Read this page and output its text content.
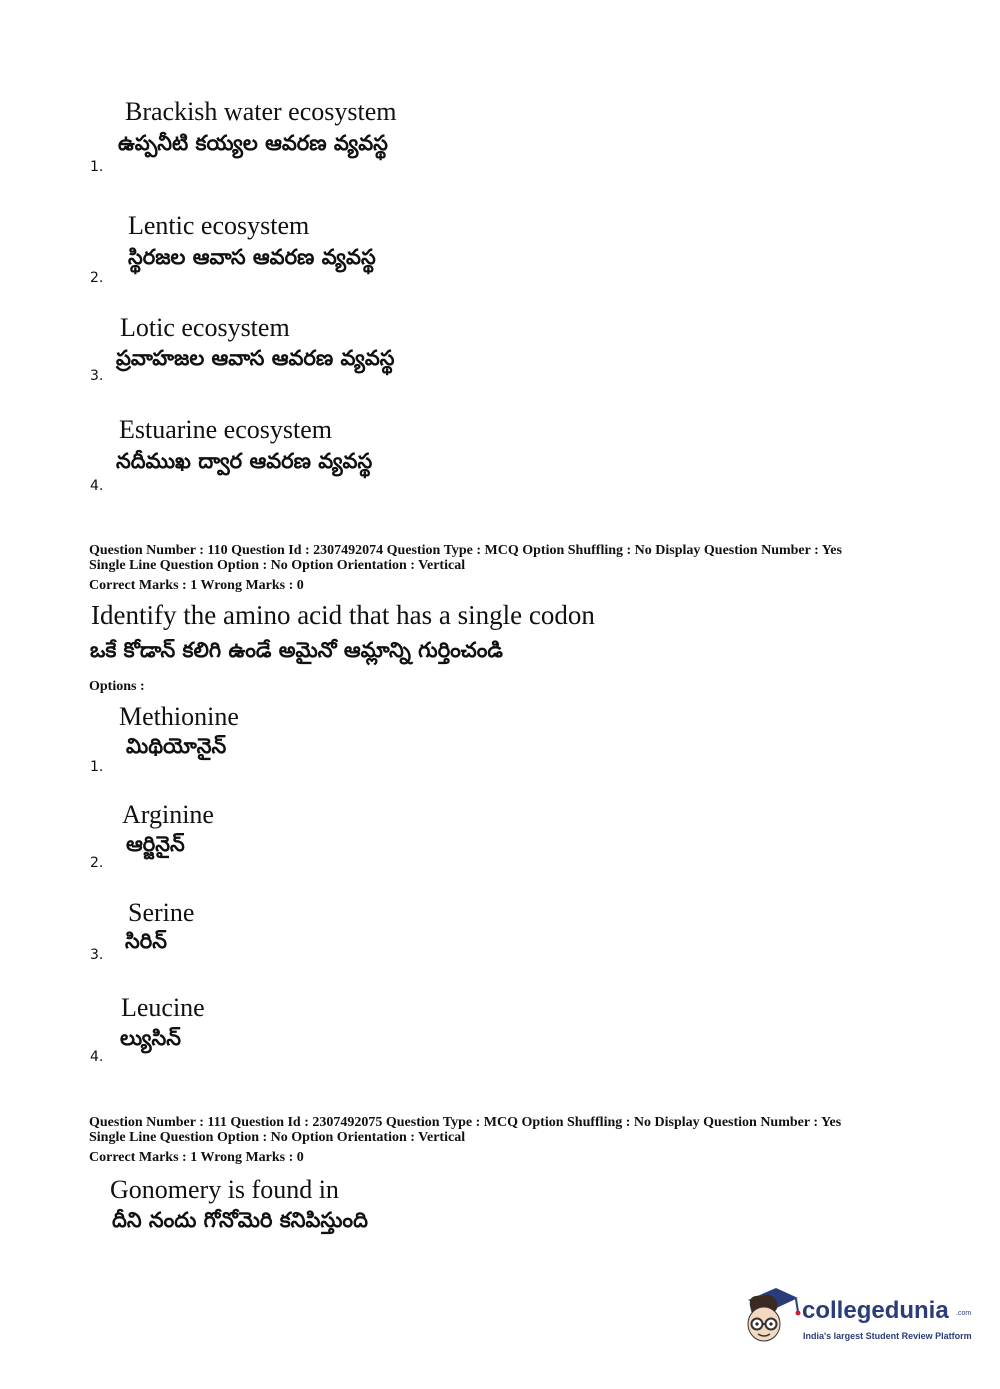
Brackish water ecosystem
ఉప్పనీటి కయ్యల ఆవరణ వ్యవస్థ
1.
Lentic ecosystem
స్థిరజల ఆవాస ఆవరణ వ్యవస్థ
2.
Lotic ecosystem
ప్రవాహజల ఆవాస ఆవరణ వ్యవస్థ
3.
Estuarine ecosystem
నదీముఖ ద్వార ఆవరణ వ్యవస్థ
4.
Question Number : 110 Question Id : 2307492074 Question Type : MCQ Option Shuffling : No Display Question Number : Yes
Single Line Question Option : No Option Orientation : Vertical
Correct Marks : 1 Wrong Marks : 0
Identify the amino acid that has a single codon
ఒకే కోడాన్ కలిగి ఉండే అమైనో ఆమ్లాన్ని గుర్తించండి
Options :
Methionine
మిథియోనైన్
1.
Arginine
ఆర్జినైన్
2.
Serine
సిరిన్
3.
Leucine
ల్యుసిన్
4.
Question Number : 111 Question Id : 2307492075 Question Type : MCQ Option Shuffling : No Display Question Number : Yes
Single Line Question Option : No Option Orientation : Vertical
Correct Marks : 1 Wrong Marks : 0
Gonomery is found in
దీని నందు గోనోమెరి కనిపిస్తుంది
collegedunia .com
India's largest Student Review Platform
